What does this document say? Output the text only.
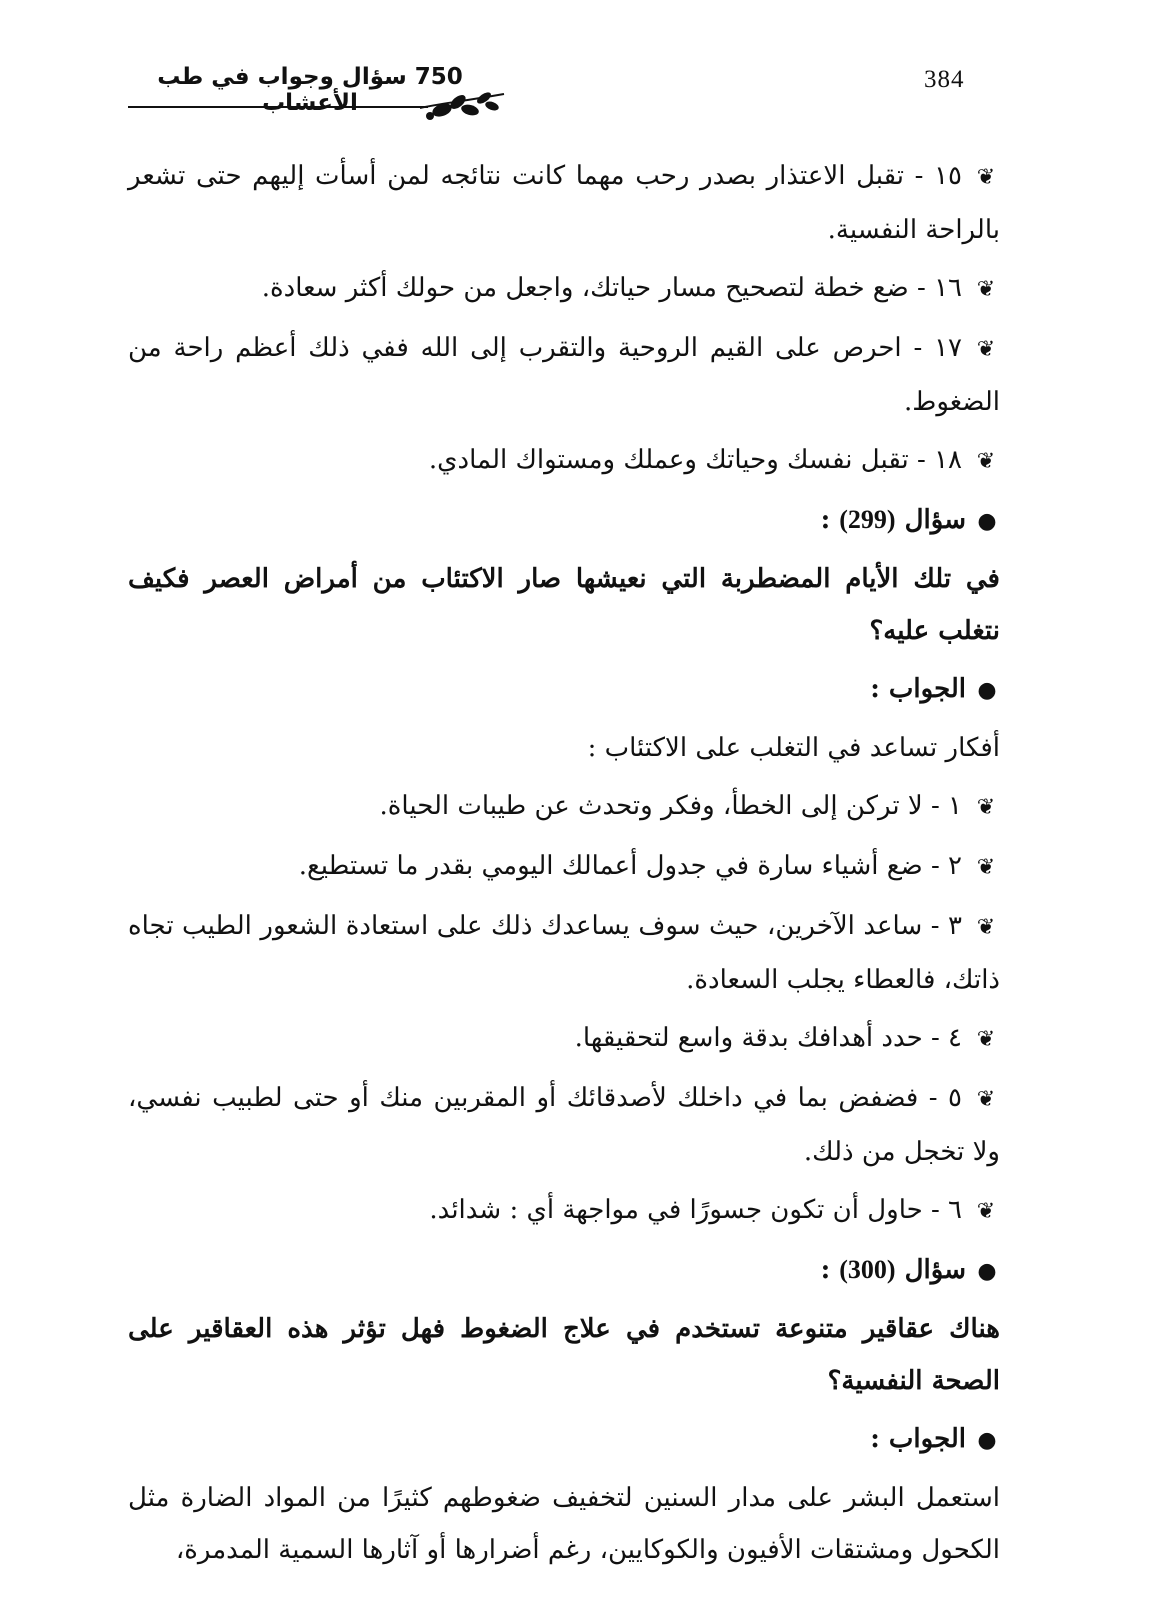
384
750 سؤال وجواب في طب الأعشاب

❦١٥ - تقبل الاعتذار بصدر رحب مهما كانت نتائجه لمن أسأت إليهم حتى تشعر بالراحة النفسية.

❦١٦ - ضع خطة لتصحيح مسار حياتك، واجعل من حولك أكثر سعادة.

❦١٧ - احرص على القيم الروحية والتقرب إلى الله ففي ذلك أعظم راحة من الضغوط.

❦١٨ - تقبل نفسك وحياتك وعملك ومستواك المادي.

●سؤال (299) :

في تلك الأيام المضطربة التي نعيشها صار الاكتئاب من أمراض العصر فكيف نتغلب عليه؟

●الجواب :

أفكار تساعد في التغلب على الاكتئاب :

❦١ - لا تركن إلى الخطأ، وفكر وتحدث عن طيبات الحياة.

❦٢ - ضع أشياء سارة في جدول أعمالك اليومي بقدر ما تستطيع.

❦٣ - ساعد الآخرين، حيث سوف يساعدك ذلك على استعادة الشعور الطيب تجاه ذاتك، فالعطاء يجلب السعادة.

❦٤ - حدد أهدافك بدقة واسع لتحقيقها.

❦٥ - فضفض بما في داخلك لأصدقائك أو المقربين منك أو حتى لطبيب نفسي، ولا تخجل من ذلك.

❦٦ - حاول أن تكون جسورًا في مواجهة أي : شدائد.

●سؤال (300) :

هناك عقاقير متنوعة تستخدم في علاج الضغوط فهل تؤثر هذه العقاقير على الصحة النفسية؟

●الجواب :

استعمل البشر على مدار السنين لتخفيف ضغوطهم كثيرًا من المواد الضارة مثل الكحول ومشتقات الأفيون والكوكايين، رغم أضرارها أو آثارها السمية المدمرة،
